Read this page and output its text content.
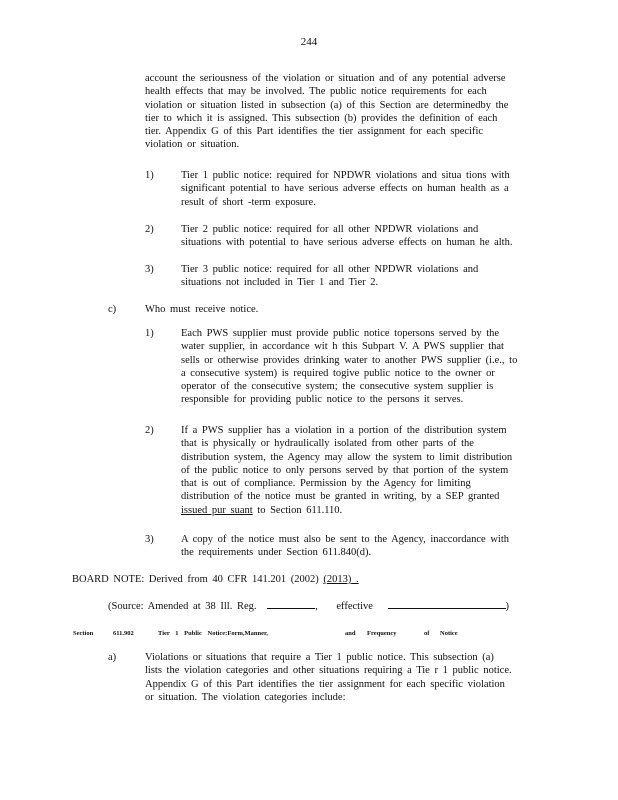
244
account the seriousness of the violation or situation and of any potential adverse
health effects that may be involved. The public notice requirements for each
violation or situation listed in subsection (a) of this Section are determinedby the
tier to which it is assigned. This subsection (b) provides the definition of each
tier. Appendix G of this Part identifies the tier assignment for each specific
violation or situation.
1)	Tier 1 public notice: required for NPDWR violations and situa tions with
significant potential to have serious adverse effects on human health as a
result of short -term exposure.
2)	Tier 2 public notice: required for all other NPDWR violations and
situations with potential to have serious adverse effects on human he alth.
3)	Tier 3 public notice: required for all other NPDWR violations and
situations not included in Tier 1 and Tier 2.
c)	Who must receive notice.
1)	Each PWS supplier must provide public notice topersons served by the
water supplier, in accordance wit h this Subpart V. A PWS supplier that
sells or otherwise provides drinking water to another PWS supplier (i.e., to
a consecutive system) is required togive public notice to the owner or
operator of the consecutive system; the consecutive system supplier is
responsible for providing public notice to the persons it serves.
2)	If a PWS supplier has a violation in a portion of the distribution system
that is physically or hydraulically isolated from other parts of the
distribution system, the Agency may allow the system to limit distribution
of the public notice to only persons served by that portion of the system
that is out of compliance. Permission by the Agency for limiting
distribution of the notice must be granted in writing, by a SEP granted
issued pur suant to Section 611.110.
3)	A copy of the notice must also be sent to the Agency, inaccordance with
the requirements under Section 611.840(d).
BOARD NOTE: Derived from 40 CFR 141.201 (2002) (2013) .
(Source: Amended at 38 Ill. Reg.	, effective	)
Section	611.902	Tier 1 Public Notice:Form,Manner,	and Frequency	of Notice
a)	Violations or situations that require a Tier 1 public notice. This subsection (a)
lists the violation categories and other situations requiring a Tie r 1 public notice.
Appendix G of this Part identifies the tier assignment for each specific violation
or situation. The violation categories include:
